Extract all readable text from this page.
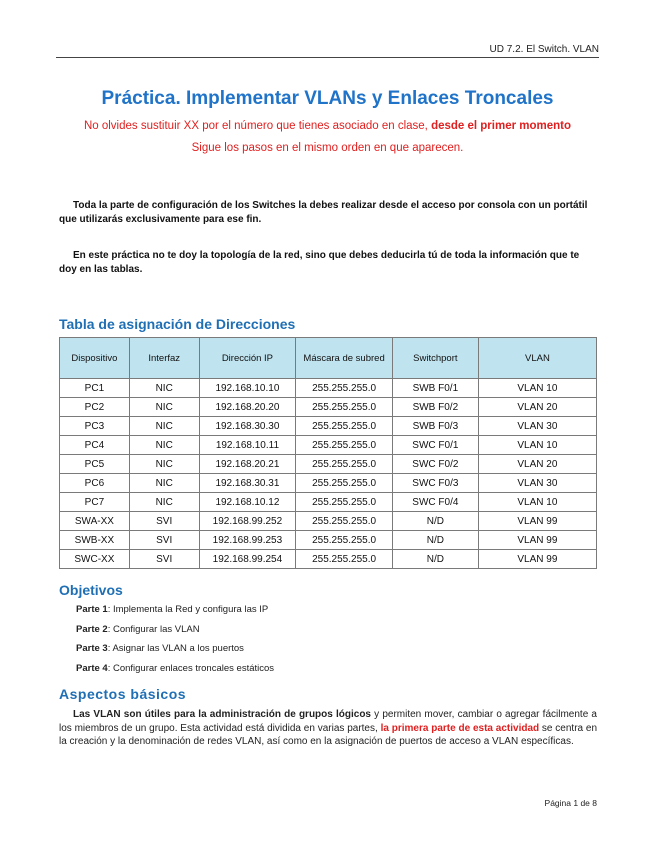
UD 7.2. El Switch. VLAN
Práctica. Implementar VLANs y Enlaces Troncales
No olvides sustituir XX por el número que tienes asociado en clase, desde el primer momento
Sigue los pasos en el mismo orden en que aparecen.
Toda la parte de configuración de los Switches la debes realizar desde el acceso por consola con un portátil que utilizarás exclusivamente para ese fin.
En este práctica no te doy la topología de la red, sino que debes deducirla tú de toda la información que te doy en las tablas.
Tabla de asignación de Direcciones
Dispositivo	Interfaz	Dirección IP	Máscara de subred	Switchport	VLAN
PC1	NIC	192.168.10.10	255.255.255.0	SWB F0/1	VLAN 10
PC2	NIC	192.168.20.20	255.255.255.0	SWB F0/2	VLAN 20
PC3	NIC	192.168.30.30	255.255.255.0	SWB F0/3	VLAN 30
PC4	NIC	192.168.10.11	255.255.255.0	SWC F0/1	VLAN 10
PC5	NIC	192.168.20.21	255.255.255.0	SWC F0/2	VLAN 20
PC6	NIC	192.168.30.31	255.255.255.0	SWC F0/3	VLAN 30
PC7	NIC	192.168.10.12	255.255.255.0	SWC F0/4	VLAN 10
SWA-XX	SVI	192.168.99.252	255.255.255.0	N/D	VLAN 99
SWB-XX	SVI	192.168.99.253	255.255.255.0	N/D	VLAN 99
SWC-XX	SVI	192.168.99.254	255.255.255.0	N/D	VLAN 99
Objetivos
Parte 1: Implementa la Red y configura las IP
Parte 2: Configurar las VLAN
Parte 3: Asignar las VLAN a los puertos
Parte 4: Configurar enlaces troncales estáticos
Aspectos básicos
Las VLAN son útiles para la administración de grupos lógicos y permiten mover, cambiar o agregar fácilmente a los miembros de un grupo. Esta actividad está dividida en varias partes, la primera parte de esta actividad se centra en la creación y la denominación de redes VLAN, así como en la asignación de puertos de acceso a VLAN específicas.
Página 1 de 8
